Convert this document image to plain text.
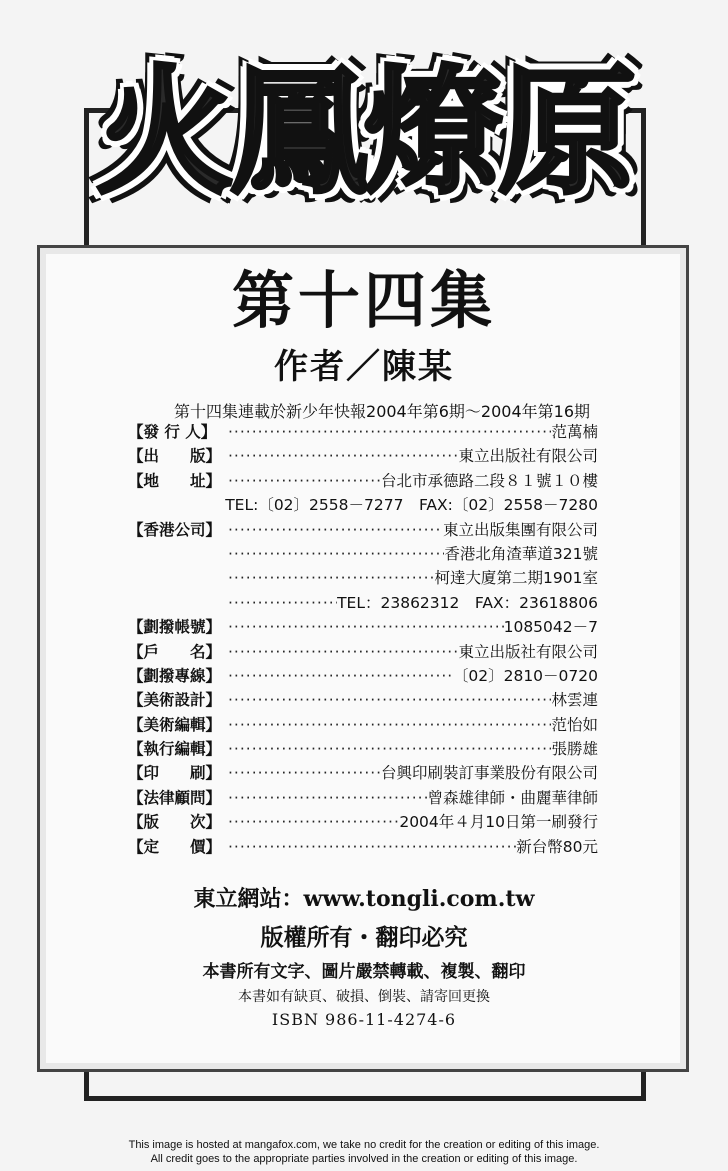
火鳳燎原
第十四集
作者／陳某
第十四集連載於新少年快報2004年第6期～2004年第16期
【發 行 人】 ·····	范萬楠
【出　　版】 ·····	東立出版社有限公司
【地　　址】 ·····	台北市承德路二段８１號１０樓
TEL:〔02〕2558－7277　FAX:〔02〕2558－7280
【香港公司】 ·····	東立出版集團有限公司
·····
香港北角渣華道321號
·····
柯達大廈第二期1901室
·····
TEL：23862312　FAX：23618806
【劃撥帳號】 ·····	1085042－7
【戶　　名】 ·····	東立出版社有限公司
【劃撥專線】 ·····	〔02〕2810－0720
【美術設計】 ·····	林雲連
【美術編輯】 ·····	范怡如
【執行編輯】 ·····	張勝雄
【印　　刷】 ·····	台興印刷裝訂事業股份有限公司
【法律顧問】 ·····	曾森雄律師・曲麗華律師
【版　　次】 ·····	2004年４月10日第一刷發行
【定　　價】 ·····	新台幣80元
東立網站：www.tongli.com.tw
版權所有・翻印必究
本書所有文字、圖片嚴禁轉載、複製、翻印
本書如有缺頁、破損、倒裝、請寄回更換
ISBN 986-11-4274-6
This image is hosted at mangafox.com, we take no credit for the creation or editing of this image.
All credit goes to the appropriate parties involved in the creation or editing of this image.
